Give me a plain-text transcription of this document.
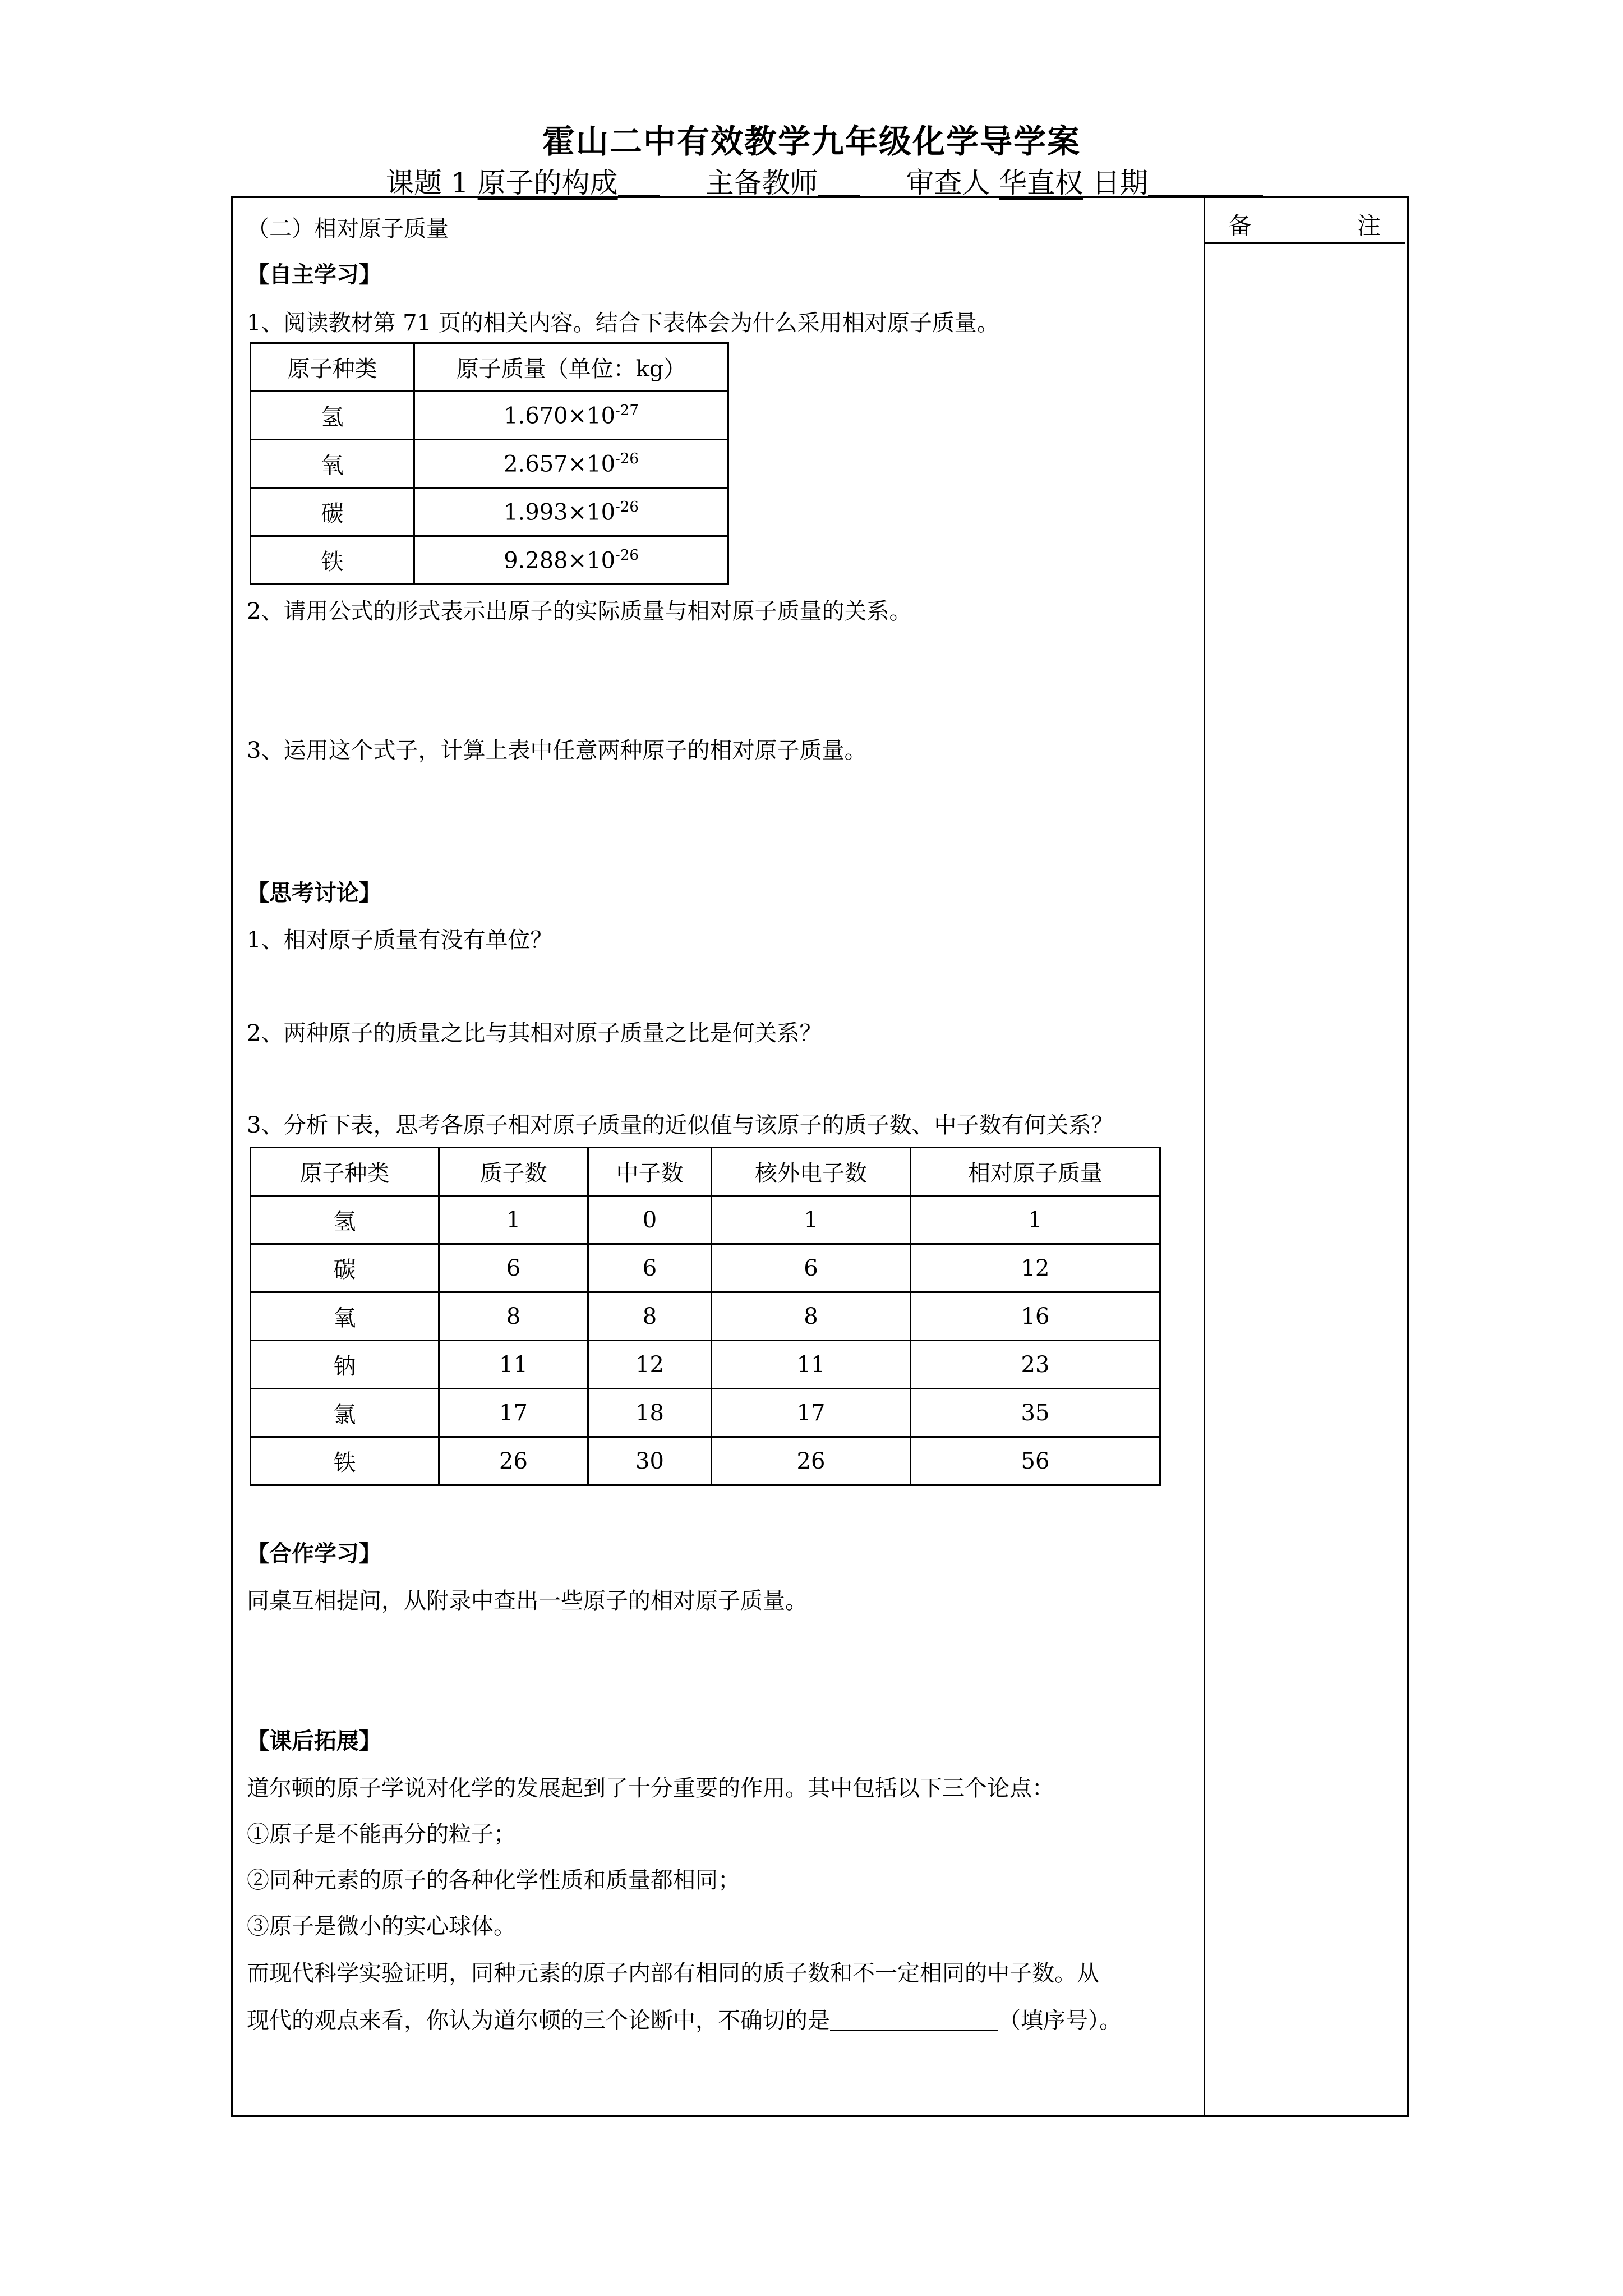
霍山二中有效教学九年级化学导学案
课题 1 原子的构成	主备教师	审查人 华直权 日期
备	注
（二）相对原子质量
【自主学习】
1、阅读教材第 71 页的相关内容。结合下表体会为什么采用相对原子质量。
原子种类	原子质量（单位：kg）
氢	$1.670\times 10^{-27}$
氧	$2.657\times 10^{-26}$
碳	$1.993\times 10^{-26}$
铁	$9.288\times 10^{-26}$
2、请用公式的形式表示出原子的实际质量与相对原子质量的关系。
3、运用这个式子，计算上表中任意两种原子的相对原子质量。
【思考讨论】
1、相对原子质量有没有单位？
2、两种原子的质量之比与其相对原子质量之比是何关系？
3、分析下表，思考各原子相对原子质量的近似值与该原子的质子数、中子数有何关系？
原子种类	质子数	中子数	核外电子数	相对原子质量
氢	1	0	1	1
碳	6	6	6	12
氧	8	8	8	16
钠	11	12	11	23
氯	17	18	17	35
铁	26	30	26	56
【合作学习】
同桌互相提问，从附录中查出一些原子的相对原子质量。
【课后拓展】
道尔顿的原子学说对化学的发展起到了十分重要的作用。其中包括以下三个论点：
①原子是不能再分的粒子；
②同种元素的原子的各种化学性质和质量都相同；
③原子是微小的实心球体。
而现代科学实验证明，同种元素的原子内部有相同的质子数和不一定相同的中子数。从
现代的观点来看，你认为道尔顿的三个论断中，不确切的是	（填序号）。
